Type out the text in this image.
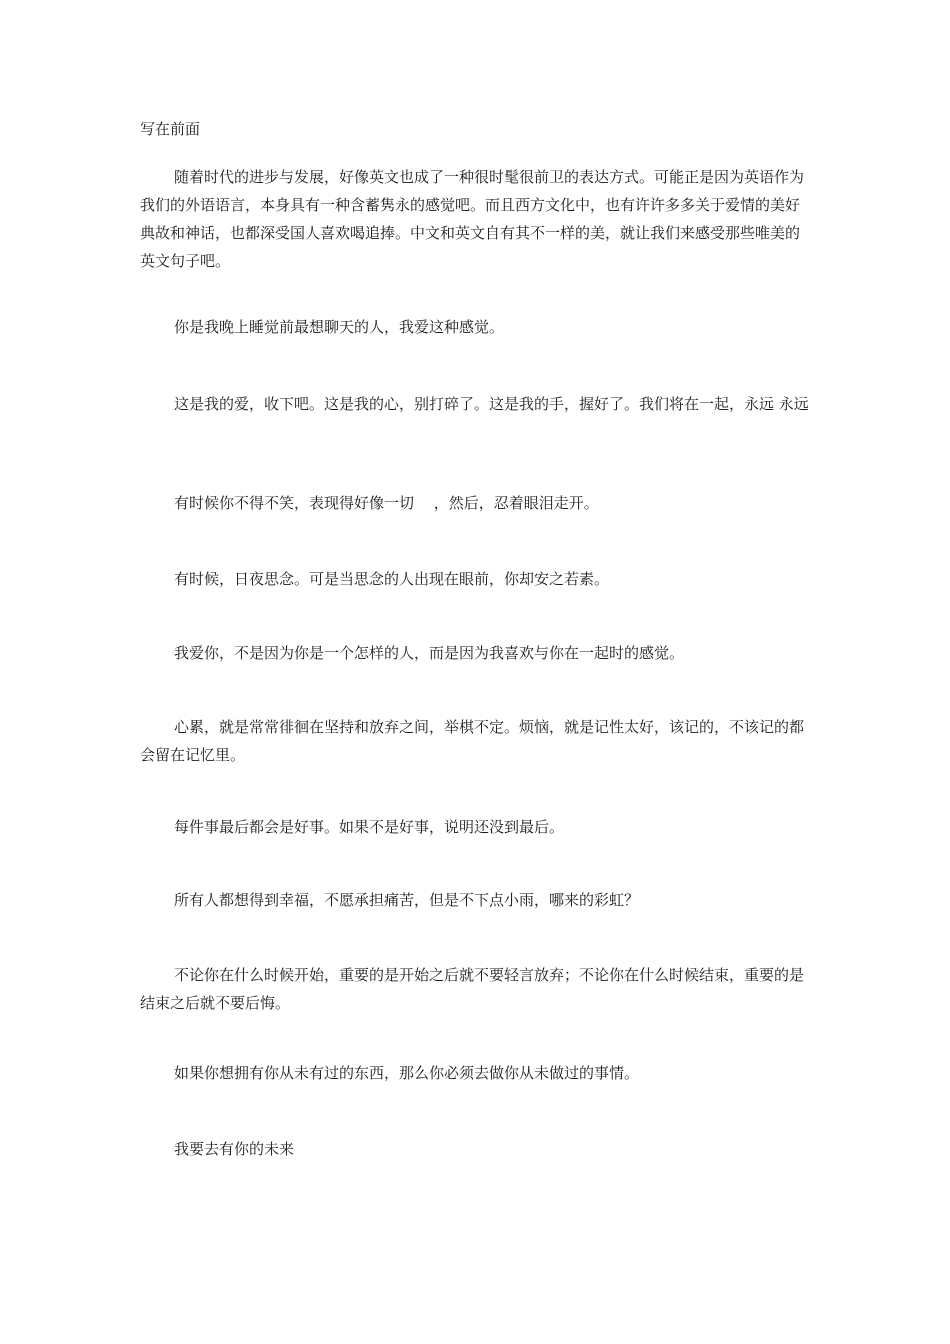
写在前面

随着时代的进步与发展，好像英文也成了一种很时髦很前卫的表达方式。可能正是因为英语作为我们的外语语言，本身具有一种含蓄隽永的感觉吧。而且西方文化中，也有许许多多关于爱情的美好典故和神话，也都深受国人喜欢喝追捧。中文和英文自有其不一样的美，就让我们来感受那些唯美的英文句子吧。

你是我晚上睡觉前最想聊天的人，我爱这种感觉。

这是我的爱，收下吧。这是我的心，别打碎了。这是我的手，握好了。我们将在一起，永远 永远

有时候你不得不笑，表现得好像一切　 ，然后，忍着眼泪走开。

有时候，日夜思念。可是当思念的人出现在眼前，你却安之若素。

我爱你，不是因为你是一个怎样的人，而是因为我喜欢与你在一起时的感觉。

心累，就是常常徘徊在坚持和放弃之间，举棋不定。烦恼，就是记性太好，该记的，不该记的都会留在记忆里。

每件事最后都会是好事。如果不是好事，说明还没到最后。

所有人都想得到幸福，不愿承担痛苦，但是不下点小雨，哪来的彩虹？

不论你在什么时候开始，重要的是开始之后就不要轻言放弃；不论你在什么时候结束，重要的是结束之后就不要后悔。

如果你想拥有你从未有过的东西，那么你必须去做你从未做过的事情。

我要去有你的未来
